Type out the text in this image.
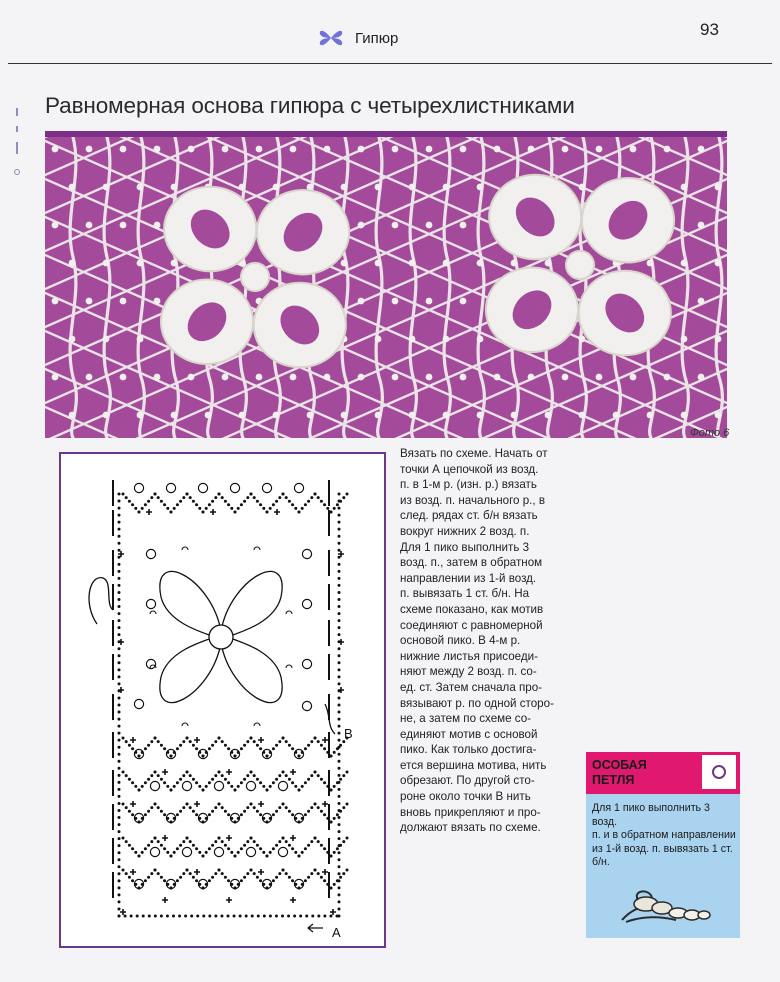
Гипюр	93
Равномерная основа гипюра с четырехлистниками
Фото 6
B
A

Вязать по схеме. Начать от

точки А цепочкой из возд.

п. в 1-м р. (изн. р.) вязать

из возд. п. начального р., в

след. рядах ст. б/н вязать

вокруг нижних 2 возд. п.

Для 1 пико выполнить 3

возд. п., затем в обратном

направлении из 1-й возд.

п. вывязать 1 ст. б/н. На

схеме показано, как мотив

соединяют с равномерной

основой пико. В 4-м р.

нижние листья присоеди-

няют между 2 возд. п. со-

ед. ст. Затем сначала про-

вязывают р. по одной сторо-

не, а затем по схеме со-

единяют мотив с основой

пико. Как только достига-

ется вершина мотива, нить

обрезают. По другой сто-

роне около точки В нить

вновь прикрепляют и про-

должают вязать по схеме.

ОСОБАЯ
ПЕТЛЯ
Для 1 пико выполнить 3 возд.
п. и в обратном направлении
из 1-й возд. п. вывязать 1 ст.
б/н.
